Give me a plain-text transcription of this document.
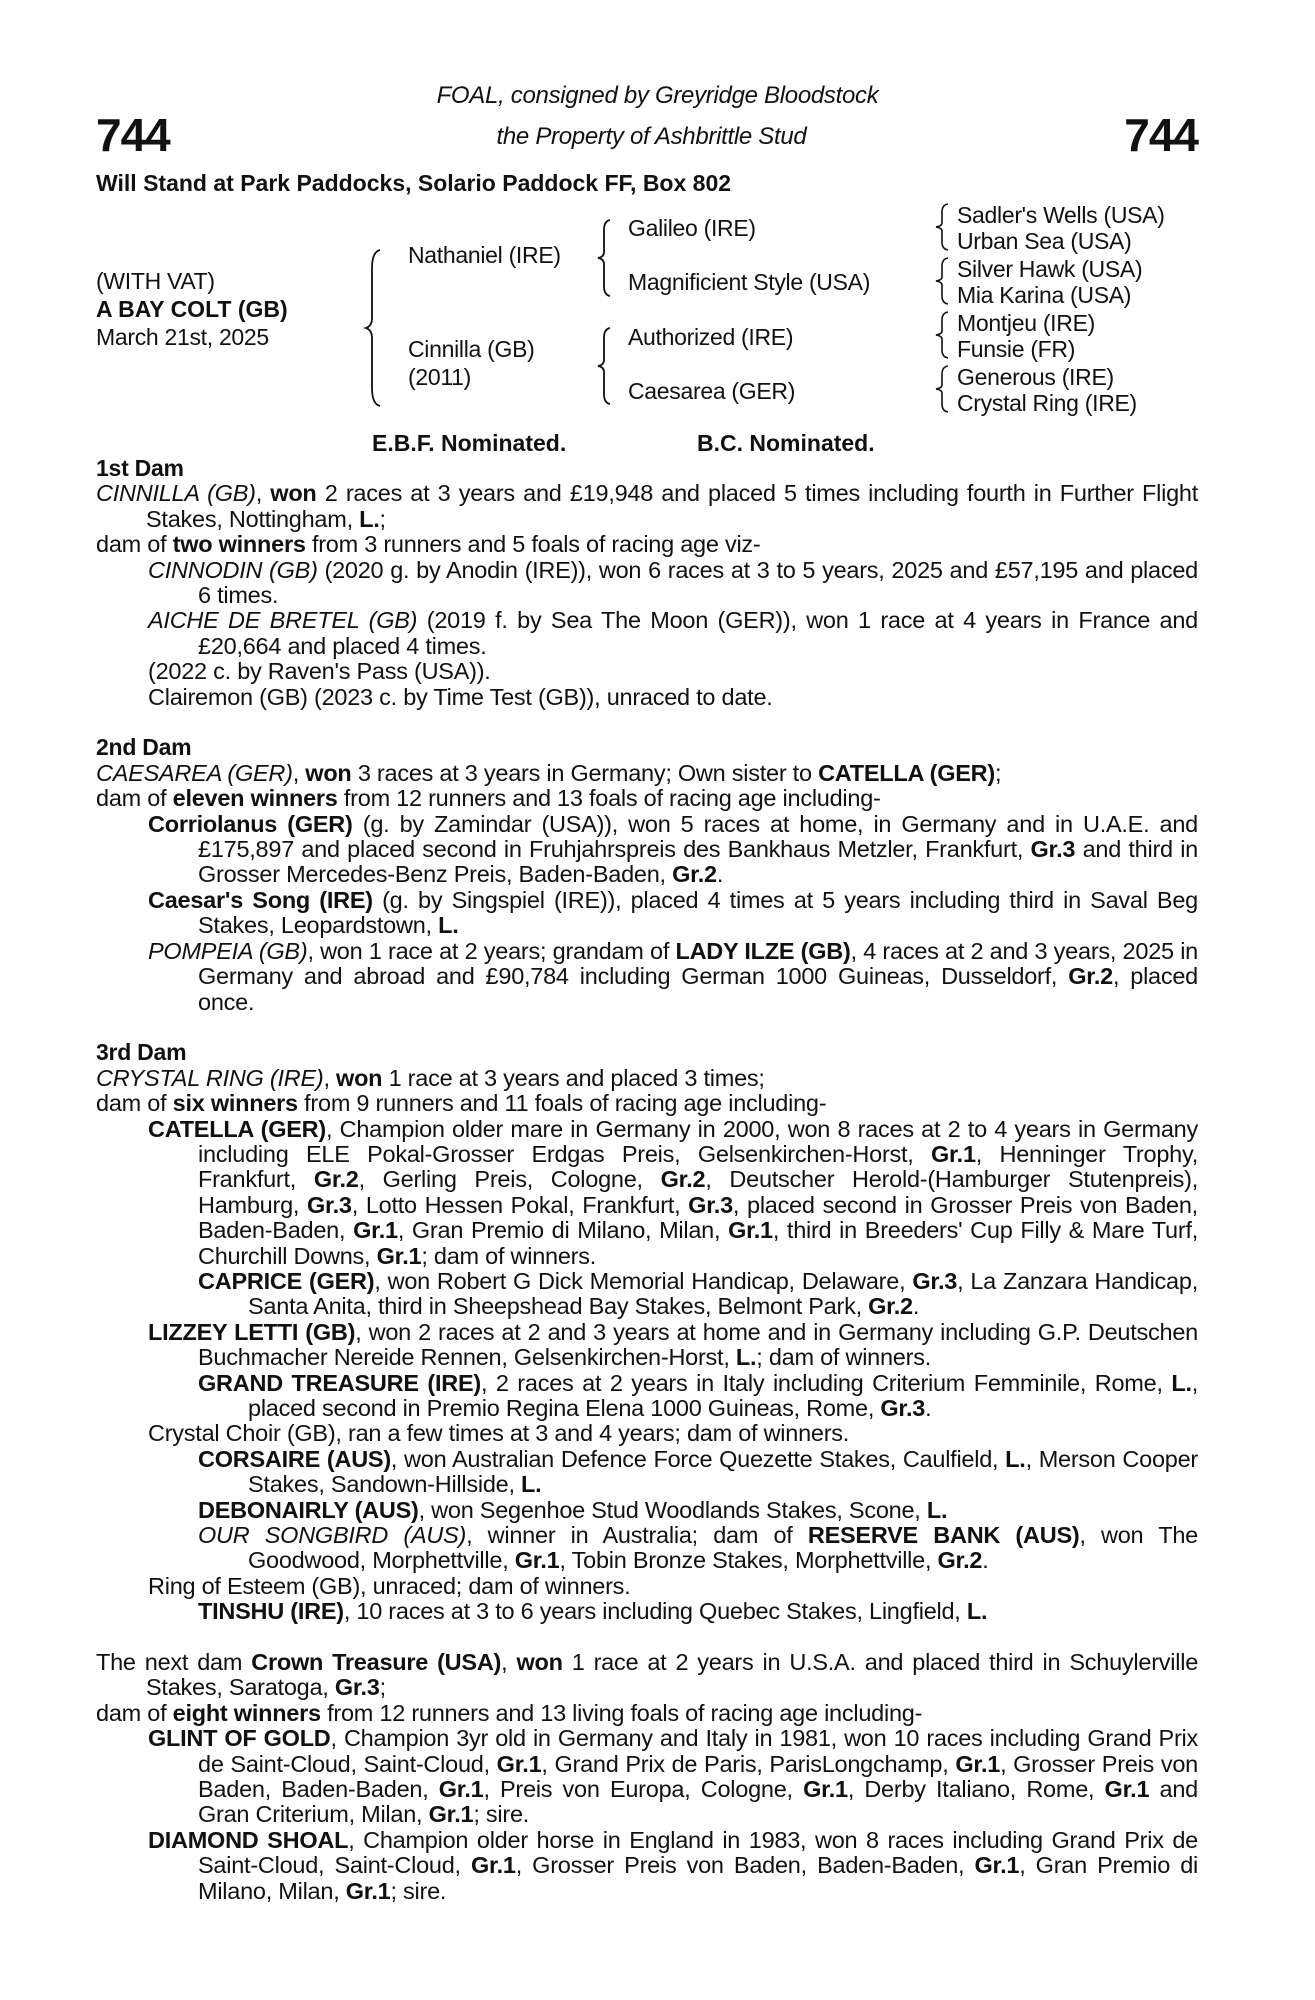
744	744
FOAL, consigned by Greyridge Bloodstock
the Property of Ashbrittle Stud
Will Stand at Park Paddocks, Solario Paddock FF, Box 802
(WITH VAT)
A BAY COLT (GB)
March 21st, 2025
Nathaniel (IRE)
Cinnilla (GB)
(2011)
Galileo (IRE)
Magnificient Style (USA)
Authorized (IRE)
Caesarea (GER)
Sadler's Wells (USA)
Urban Sea (USA)
Silver Hawk (USA)
Mia Karina (USA)
Montjeu (IRE)
Funsie (FR)
Generous (IRE)
Crystal Ring (IRE)
E.B.F. Nominated.	B.C. Nominated.
1st Dam
CINNILLA (GB), won 2 races at 3 years and £19,948 and placed 5 times including fourth in Further Flight Stakes, Nottingham, L.;
dam of two winners from 3 runners and 5 foals of racing age viz-
CINNODIN (GB) (2020 g. by Anodin (IRE)), won 6 races at 3 to 5 years, 2025 and £57,195 and placed 6 times.
AICHE DE BRETEL (GB) (2019 f. by Sea The Moon (GER)), won 1 race at 4 years in France and £20,664 and placed 4 times.
(2022 c. by Raven's Pass (USA)).
Clairemon (GB) (2023 c. by Time Test (GB)), unraced to date.
2nd Dam
CAESAREA (GER), won 3 races at 3 years in Germany; Own sister to CATELLA (GER);
dam of eleven winners from 12 runners and 13 foals of racing age including-
Corriolanus (GER) (g. by Zamindar (USA)), won 5 races at home, in Germany and in U.A.E. and £175,897 and placed second in Fruhjahrspreis des Bankhaus Metzler, Frankfurt, Gr.3 and third in Grosser Mercedes-Benz Preis, Baden-Baden, Gr.2.
Caesar's Song (IRE) (g. by Singspiel (IRE)), placed 4 times at 5 years including third in Saval Beg Stakes, Leopardstown, L.
POMPEIA (GB), won 1 race at 2 years; grandam of LADY ILZE (GB), 4 races at 2 and 3 years, 2025 in Germany and abroad and £90,784 including German 1000 Guineas, Dusseldorf, Gr.2, placed once.
3rd Dam
CRYSTAL RING (IRE), won 1 race at 3 years and placed 3 times;
dam of six winners from 9 runners and 11 foals of racing age including-
CATELLA (GER), Champion older mare in Germany in 2000, won 8 races at 2 to 4 years in Germany including ELE Pokal-Grosser Erdgas Preis, Gelsenkirchen-Horst, Gr.1, Henninger Trophy, Frankfurt, Gr.2, Gerling Preis, Cologne, Gr.2, Deutscher Herold-(Hamburger Stutenpreis), Hamburg, Gr.3, Lotto Hessen Pokal, Frankfurt, Gr.3, placed second in Grosser Preis von Baden, Baden-Baden, Gr.1, Gran Premio di Milano, Milan, Gr.1, third in Breeders' Cup Filly & Mare Turf, Churchill Downs, Gr.1; dam of winners.
CAPRICE (GER), won Robert G Dick Memorial Handicap, Delaware, Gr.3, La Zanzara Handicap, Santa Anita, third in Sheepshead Bay Stakes, Belmont Park, Gr.2.
LIZZEY LETTI (GB), won 2 races at 2 and 3 years at home and in Germany including G.P. Deutschen Buchmacher Nereide Rennen, Gelsenkirchen-Horst, L.; dam of winners.
GRAND TREASURE (IRE), 2 races at 2 years in Italy including Criterium Femminile, Rome, L., placed second in Premio Regina Elena 1000 Guineas, Rome, Gr.3.
Crystal Choir (GB), ran a few times at 3 and 4 years; dam of winners.
CORSAIRE (AUS), won Australian Defence Force Quezette Stakes, Caulfield, L., Merson Cooper Stakes, Sandown-Hillside, L.
DEBONAIRLY (AUS), won Segenhoe Stud Woodlands Stakes, Scone, L.
OUR SONGBIRD (AUS), winner in Australia; dam of RESERVE BANK (AUS), won The Goodwood, Morphettville, Gr.1, Tobin Bronze Stakes, Morphettville, Gr.2.
Ring of Esteem (GB), unraced; dam of winners.
TINSHU (IRE), 10 races at 3 to 6 years including Quebec Stakes, Lingfield, L.
The next dam Crown Treasure (USA), won 1 race at 2 years in U.S.A. and placed third in Schuylerville Stakes, Saratoga, Gr.3;
dam of eight winners from 12 runners and 13 living foals of racing age including-
GLINT OF GOLD, Champion 3yr old in Germany and Italy in 1981, won 10 races including Grand Prix de Saint-Cloud, Saint-Cloud, Gr.1, Grand Prix de Paris, ParisLongchamp, Gr.1, Grosser Preis von Baden, Baden-Baden, Gr.1, Preis von Europa, Cologne, Gr.1, Derby Italiano, Rome, Gr.1 and Gran Criterium, Milan, Gr.1; sire.
DIAMOND SHOAL, Champion older horse in England in 1983, won 8 races including Grand Prix de Saint-Cloud, Saint-Cloud, Gr.1, Grosser Preis von Baden, Baden-Baden, Gr.1, Gran Premio di Milano, Milan, Gr.1; sire.
